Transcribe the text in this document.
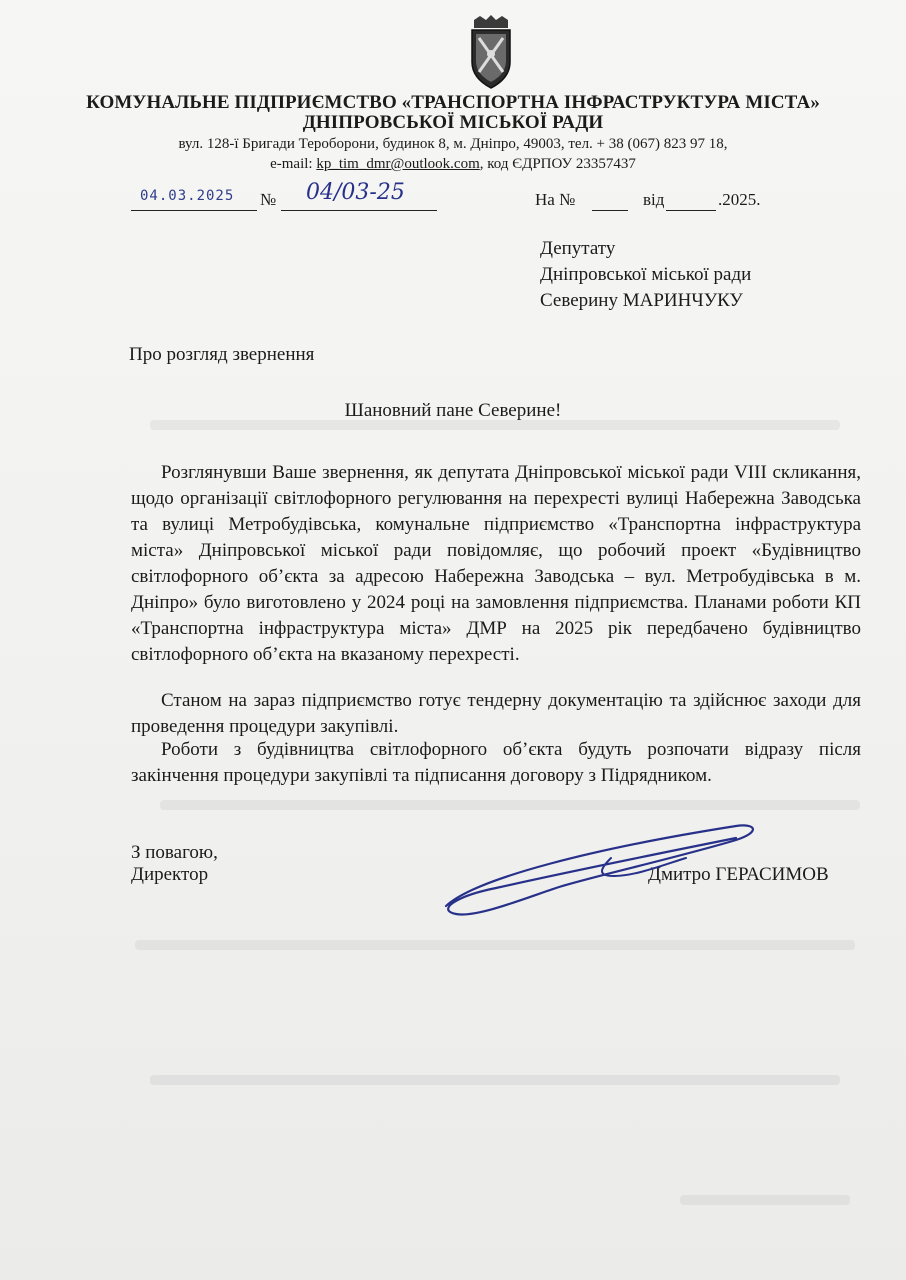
КОМУНАЛЬНЕ ПІДПРИЄМСТВО «ТРАНСПОРТНА ІНФРАСТРУКТУРА МІСТА»
ДНІПРОВСЬКОЇ МІСЬКОЇ РАДИ
вул. 128-ї Бригади Тероборони, будинок 8, м. Дніпро, 49003, тел. + 38 (067) 823 97 18,
e-mail: kp_tim_dmr@outlook.com, код ЄДРПОУ 23357437
04.03.2025 № 04/03-25	На №	від	.2025.
Депутату
Дніпровської міської ради
Северину МАРИНЧУКУ
Про розгляд звернення
Шановний пане Северине!
Розглянувши Ваше звернення, як депутата Дніпровської міської ради VIII скликання, щодо організації світлофорного регулювання на перехресті вулиці Набережна Заводська та вулиці Метробудівська, комунальне підприємство «Транспортна інфраструктура міста» Дніпровської міської ради повідомляє, що робочий проект «Будівництво світлофорного об’єкта за адресою Набережна Заводська – вул. Метробудівська в м. Дніпро» було виготовлено у 2024 році на замовлення підприємства. Планами роботи КП «Транспортна інфраструктура міста» ДМР на 2025 рік передбачено будівництво світлофорного об’єкта на вказаному перехресті.
Станом на зараз підприємство готує тендерну документацію та здійснює заходи для проведення процедури закупівлі.
Роботи з будівництва світлофорного об’єкта будуть розпочати відразу після закінчення процедури закупівлі та підписання договору з Підрядником.
З повагою,
Директор	Дмитро ГЕРАСИМОВ
